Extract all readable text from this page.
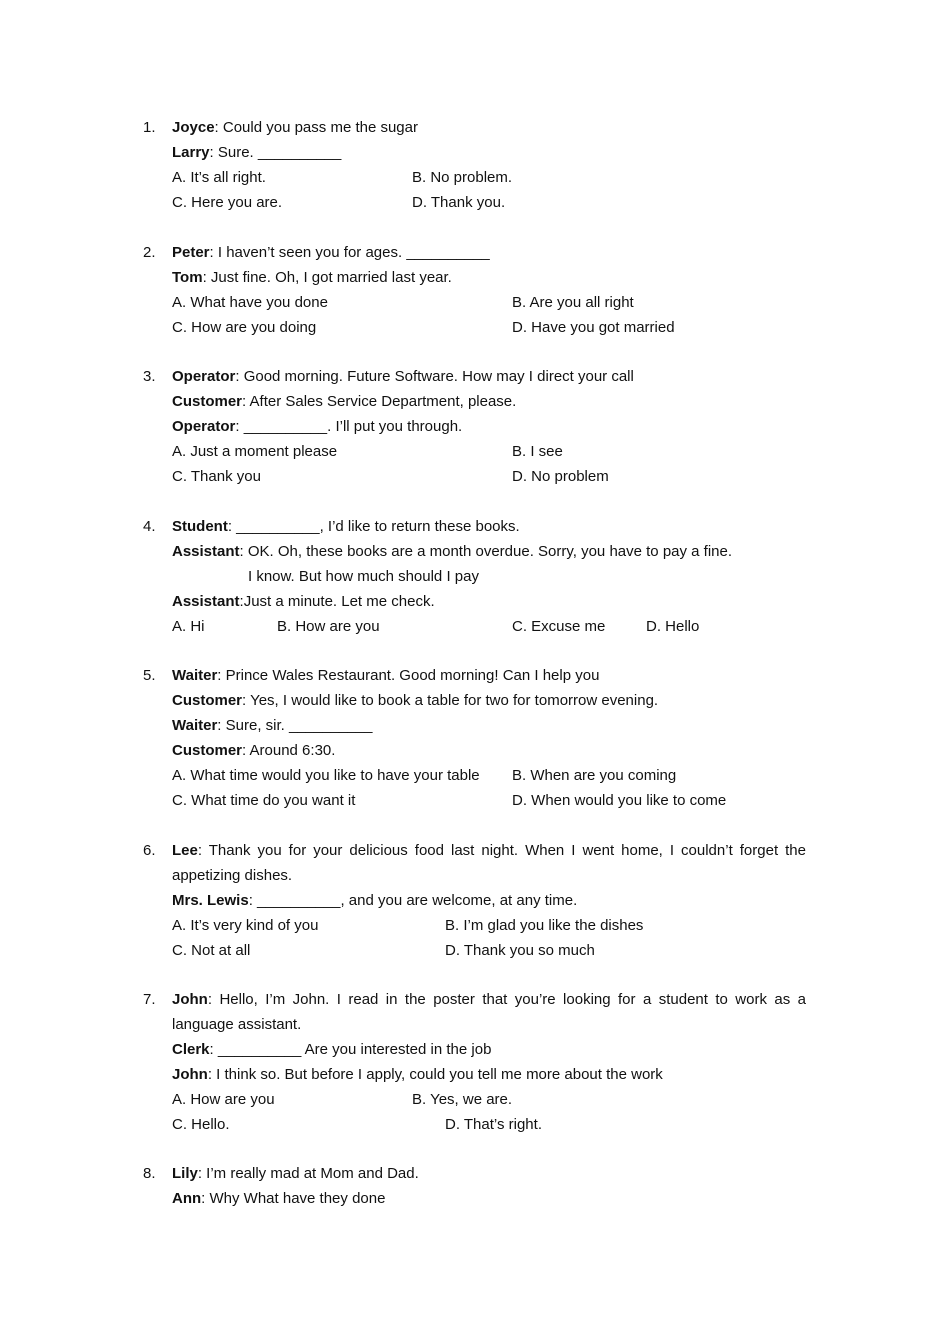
1. Joyce: Could you pass me the sugar
Larry: Sure. __________
A. It’s all right.	B. No problem.
C. Here you are.	D. Thank you.
2. Peter: I haven’t seen you for ages. __________
Tom: Just fine. Oh, I got married last year.
A. What have you done	B. Are you all right
C. How are you doing	D. Have you got married
3. Operator: Good morning. Future Software. How may I direct your call
Customer: After Sales Service Department, please.
Operator: __________. I’ll put you through.
A. Just a moment please	B. I see
C. Thank you	D. No problem
4. Student: __________, I’d like to return these books.
Assistant: OK. Oh, these books are a month overdue. Sorry, you have to pay a fine.
I know. But how much should I pay
Assistant:Just a minute. Let me check.
A. Hi	B. How are you	C. Excuse me	D. Hello
5. Waiter: Prince Wales Restaurant. Good morning! Can I help you
Customer: Yes, I would like to book a table for two for tomorrow evening.
Waiter: Sure, sir. __________
Customer: Around 6:30.
A. What time would you like to have your table B. When are you coming
C. What time do you want it	D. When would you like to come
6. Lee: Thank you for your delicious food last night. When I went home, I couldn’t forget the
appetizing dishes.
Mrs. Lewis: __________, and you are welcome, at any time.
A. It’s very kind of you	B. I’m glad you like the dishes
C. Not at all	D. Thank you so much
7. John: Hello, I’m John. I read in the poster that you’re looking for a student to work as a
language assistant.
Clerk: __________ Are you interested in the job
John: I think so. But before I apply, could you tell me more about the work
A. How are you	B. Yes, we are.
C. Hello.	D. That’s right.
8. Lily: I’m really mad at Mom and Dad.
Ann: Why What have they done
